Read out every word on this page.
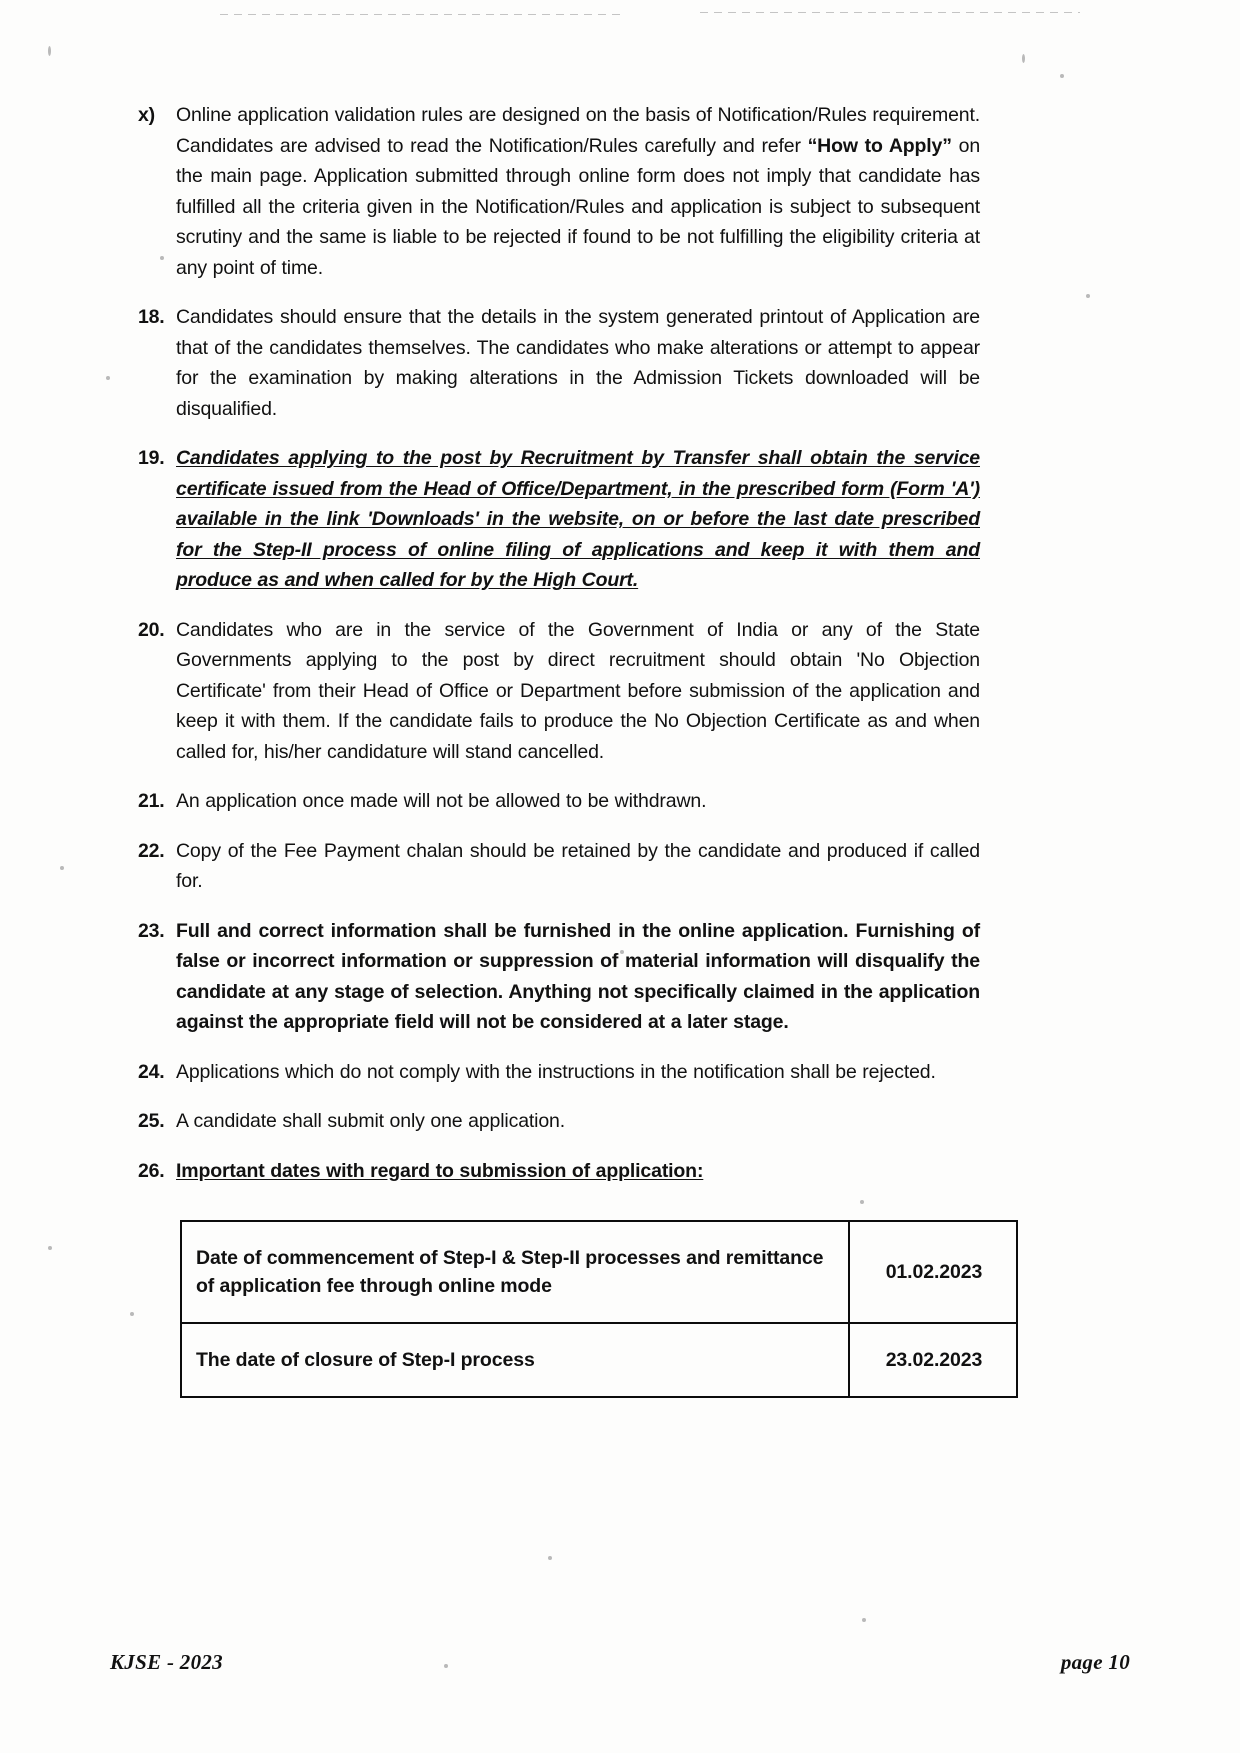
x)	Online application validation rules are designed on the basis of Notification/Rules requirement. Candidates are advised to read the Notification/Rules carefully and refer “How to Apply” on the main page. Application submitted through online form does not imply that candidate has fulfilled all the criteria given in the Notification/Rules and application is subject to subsequent scrutiny and the same is liable to be rejected if found to be not fulfilling the eligibility criteria at any point of time.
18. Candidates should ensure that the details in the system generated printout of Application are that of the candidates themselves. The candidates who make alterations or attempt to appear for the examination by making alterations in the Admission Tickets downloaded will be disqualified.
19. Candidates applying to the post by Recruitment by Transfer shall obtain the service certificate issued from the Head of Office/Department, in the prescribed form (Form 'A') available in the link 'Downloads' in the website, on or before the last date prescribed for the Step-II process of online filing of applications and keep it with them and produce as and when called for by the High Court.
20. Candidates who are in the service of the Government of India or any of the State Governments applying to the post by direct recruitment should obtain 'No Objection Certificate' from their Head of Office or Department before submission of the application and keep it with them. If the candidate fails to produce the No Objection Certificate as and when called for, his/her candidature will stand cancelled.
21. An application once made will not be allowed to be withdrawn.
22. Copy of the Fee Payment chalan should be retained by the candidate and produced if called for.
23. Full and correct information shall be furnished in the online application. Furnishing of false or incorrect information or suppression of material information will disqualify the candidate at any stage of selection. Anything not specifically claimed in the application against the appropriate field will not be considered at a later stage.
24. Applications which do not comply with the instructions in the notification shall be rejected.
25. A candidate shall submit only one application.
26. Important dates with regard to submission of application:
Date of commencement of Step-I & Step-II processes and remittance of application fee through online mode	01.02.2023
The date of closure of Step-I process	23.02.2023
KJSE - 2023	page 10
